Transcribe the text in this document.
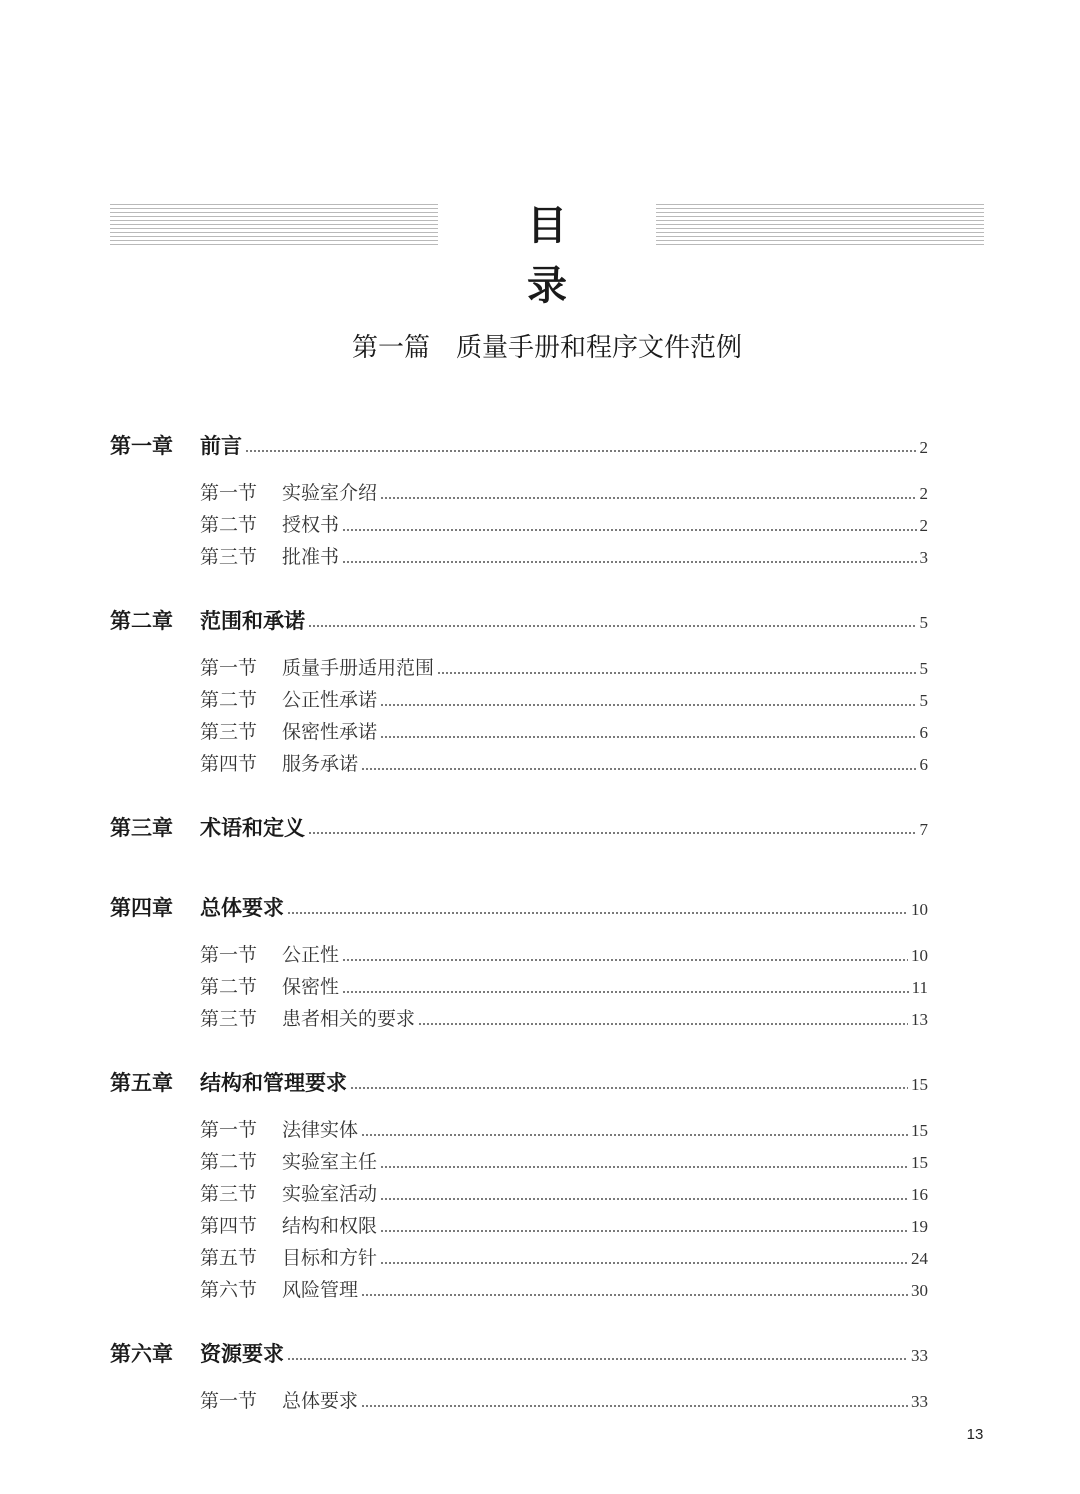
目 录
第一篇 质量手册和程序文件范例
第一章	前言	2
第一节	实验室介绍	2
第二节	授权书	2
第三节	批准书	3
第二章	范围和承诺	5
第一节	质量手册适用范围	5
第二节	公正性承诺	5
第三节	保密性承诺	6
第四节	服务承诺	6
第三章	术语和定义	7
第四章	总体要求	10
第一节	公正性	10
第二节	保密性	11
第三节	患者相关的要求	13
第五章	结构和管理要求	15
第一节	法律实体	15
第二节	实验室主任	15
第三节	实验室活动	16
第四节	结构和权限	19
第五节	目标和方针	24
第六节	风险管理	30
第六章	资源要求	33
第一节	总体要求	33
13
